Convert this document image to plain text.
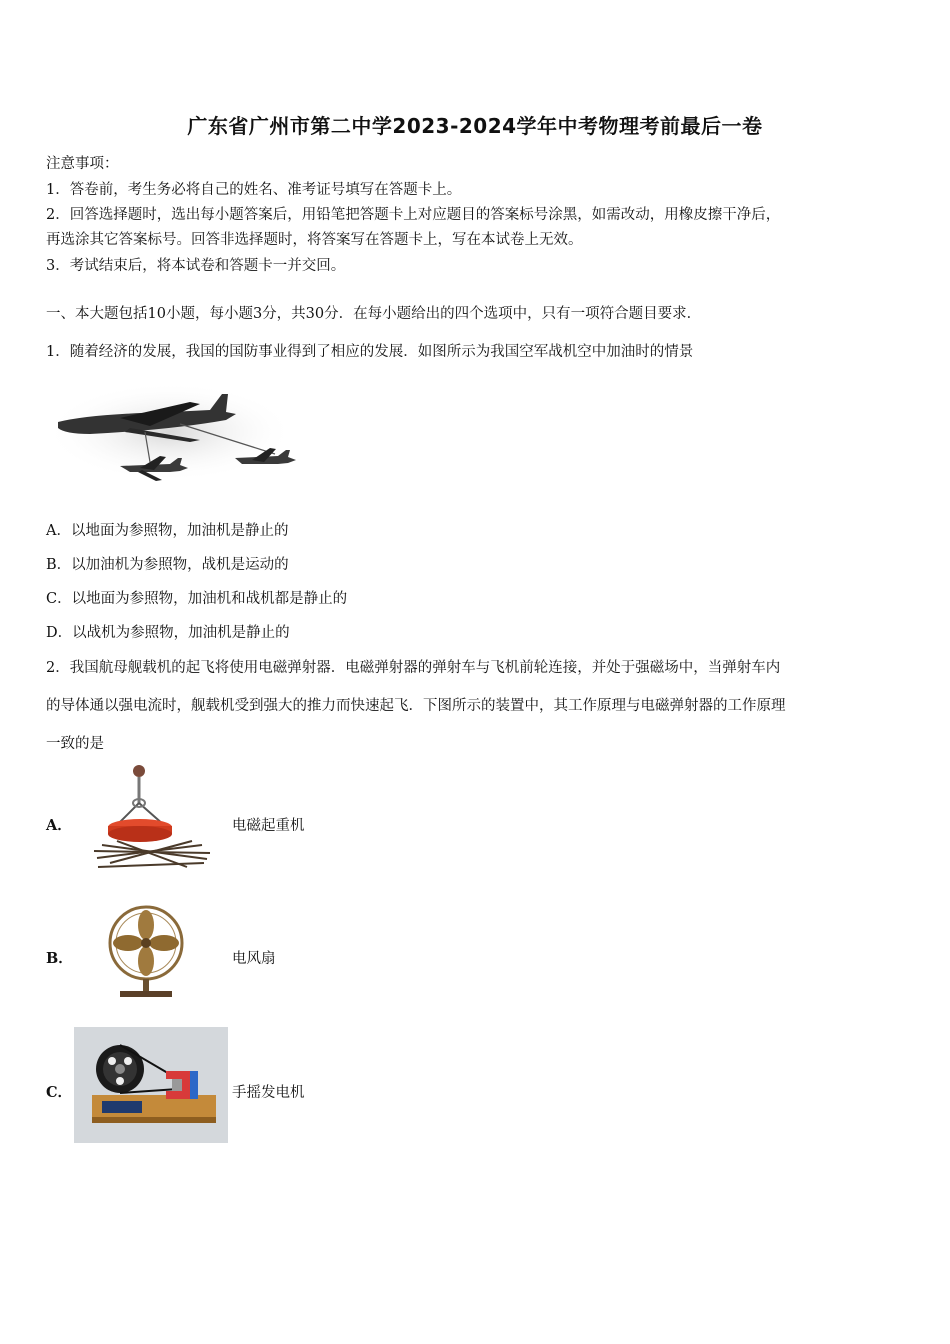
广东省广州市第二中学2023-2024学年中考物理考前最后一卷
注意事项：
1．答卷前，考生务必将自己的姓名、准考证号填写在答题卡上。
2．回答选择题时，选出每小题答案后，用铅笔把答题卡上对应题目的答案标号涂黑，如需改动，用橡皮擦干净后，
再选涂其它答案标号。回答非选择题时，将答案写在答题卡上，写在本试卷上无效。
3．考试结束后，将本试卷和答题卡一并交回。
一、本大题包括10小题，每小题3分，共30分．在每小题给出的四个选项中，只有一项符合题目要求．
1．随着经济的发展，我国的国防事业得到了相应的发展．如图所示为我国空军战机空中加油时的情景
A．以地面为参照物，加油机是静止的
B．以加油机为参照物，战机是运动的
C．以地面为参照物，加油机和战机都是静止的
D．以战机为参照物，加油机是静止的
2．我国航母舰载机的起飞将使用电磁弹射器．电磁弹射器的弹射车与飞机前轮连接，并处于强磁场中，当弹射车内
的导体通以强电流时，舰载机受到强大的推力而快速起飞．下图所示的装置中，其工作原理与电磁弹射器的工作原理
一致的是
A．	电磁起重机
B．	电风扇
C．	手摇发电机
